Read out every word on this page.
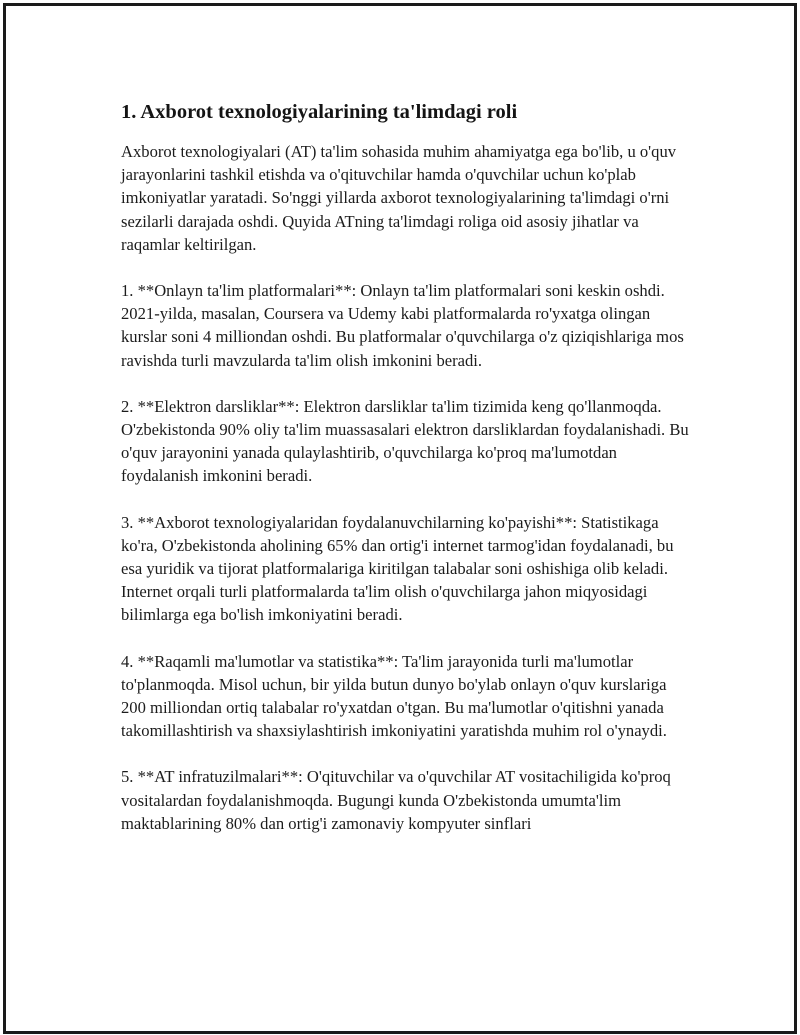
1. Axborot texnologiyalarining ta'limdagi roli

Axborot texnologiyalari (AT) ta'lim sohasida muhim ahamiyatga ega bo'lib, u o'quv jarayonlarini tashkil etishda va o'qituvchilar hamda o'quvchilar uchun ko'plab imkoniyatlar yaratadi. So'nggi yillarda axborot texnologiyalarining ta'limdagi o'rni sezilarli darajada oshdi. Quyida ATning ta'limdagi roliga oid asosiy jihatlar va raqamlar keltirilgan.

1. **Onlayn ta'lim platformalari**: Onlayn ta'lim platformalari soni keskin oshdi. 2021-yilda, masalan, Coursera va Udemy kabi platformalarda ro'yxatga olingan kurslar soni 4 milliondan oshdi. Bu platformalar o'quvchilarga o'z qiziqishlariga mos ravishda turli mavzularda ta'lim olish imkonini beradi.

2. **Elektron darsliklar**: Elektron darsliklar ta'lim tizimida keng qo'llanmoqda. O'zbekistonda 90% oliy ta'lim muassasalari elektron darsliklardan foydalanishadi. Bu o'quv jarayonini yanada qulaylashtirib, o'quvchilarga ko'proq ma'lumotdan foydalanish imkonini beradi.

3. **Axborot texnologiyalaridan foydalanuvchilarning ko'payishi**: Statistikaga ko'ra, O'zbekistonda aholining 65% dan ortig'i internet tarmog'idan foydalanadi, bu esa yuridik va tijorat platformalariga kiritilgan talabalar soni oshishiga olib keladi. Internet orqali turli platformalarda ta'lim olish o'quvchilarga jahon miqyosidagi bilimlarga ega bo'lish imkoniyatini beradi.

4. **Raqamli ma'lumotlar va statistika**: Ta'lim jarayonida turli ma'lumotlar to'planmoqda. Misol uchun, bir yilda butun dunyo bo'ylab onlayn o'quv kurslariga 200 milliondan ortiq talabalar ro'yxatdan o'tgan. Bu ma'lumotlar o'qitishni yanada takomillashtirish va shaxsiylashtirish imkoniyatini yaratishda muhim rol o'ynaydi.

5. **AT infratuzilmalari**: O'qituvchilar va o'quvchilar AT vositachiligida ko'proq vositalardan foydalanishmoqda. Bugungi kunda O'zbekistonda umumta'lim maktablarining 80% dan ortig'i zamonaviy kompyuter sinflari
